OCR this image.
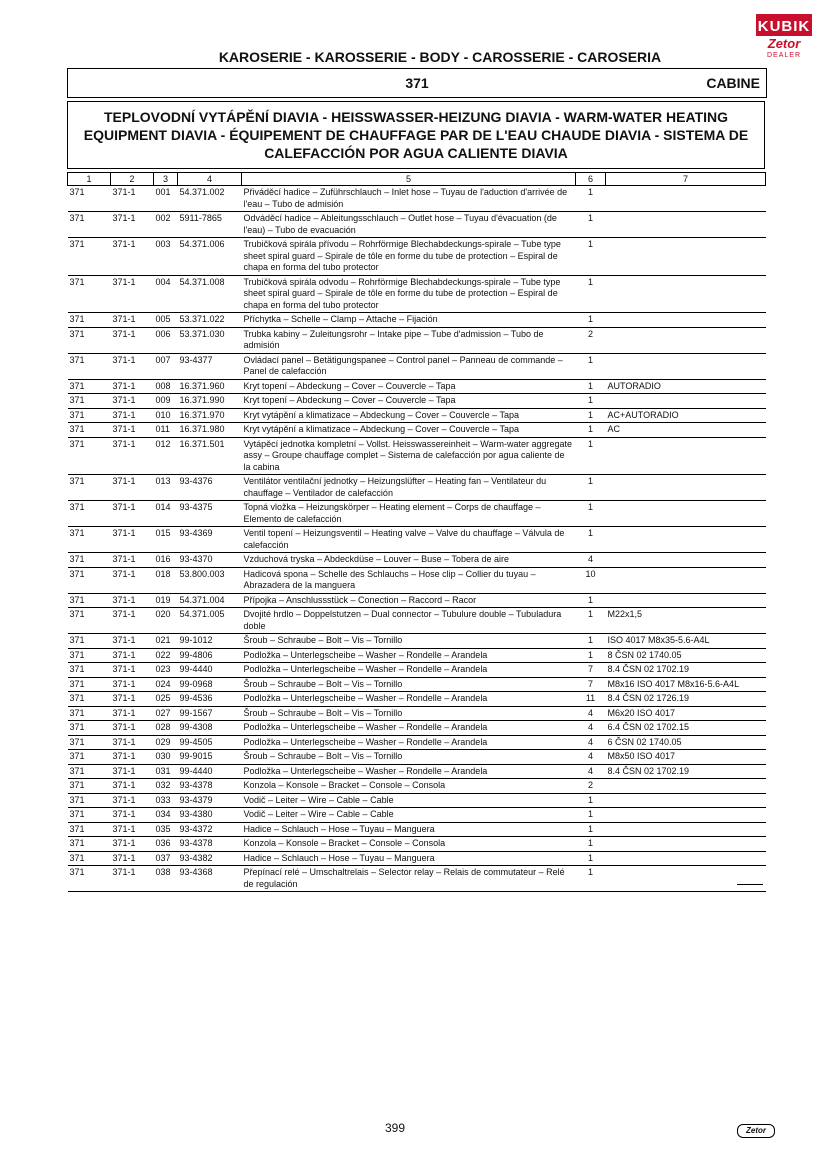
KUBIK
Zetor
DEALER
KAROSERIE - KAROSSERIE - BODY - CAROSSERIE - CAROSERIA
371	CABINE
TEPLOVODNÍ VYTÁPĚNÍ DIAVIA - HEISSWASSER-HEIZUNG DIAVIA - WARM-WATER HEATING EQUIPMENT DIAVIA - ÉQUIPEMENT DE CHAUFFAGE PAR DE L'EAU CHAUDE DIAVIA - SISTEMA DE CALEFACCIÓN POR AGUA CALIENTE DIAVIA
1	2	3	4	5	6	7
371	371-1	001	54.371.002	Přiváděcí hadice – Zuführschlauch – Inlet hose – Tuyau de l'aduction d'arrivée de l'eau – Tubo de admisión	1	
371	371-1	002	5911-7865	Odváděcí hadice – Ableitungsschlauch – Outlet hose – Tuyau d'évacuation (de l'eau) – Tubo de evacuación	1	
371	371-1	003	54.371.006	Trubičková spirála přívodu – Rohrförmige Blechabdeckungs-spirale – Tube type sheet spiral guard – Spirale de tôle en forme du tube de protection – Espiral de chapa en forma del tubo protector	1	
371	371-1	004	54.371.008	Trubičková spirála odvodu – Rohrförmige Blechabdeckungs-spirale – Tube type sheet spiral guard – Spirale de tôle en forme du tube de protection – Espiral de chapa en forma del tubo protector	1	
371	371-1	005	53.371.022	Příchytka – Schelle – Clamp – Attache – Fijación	1	
371	371-1	006	53.371.030	Trubka kabiny – Zuleitungsrohr – Intake pipe – Tube d'admission – Tubo de admisión	2	
371	371-1	007	93-4377	Ovládací panel – Betätigungspanee – Control panel – Panneau de commande – Panel de calefacción	1	
371	371-1	008	16.371.960	Kryt topení – Abdeckung – Cover – Couvercle – Tapa	1	AUTORADIO
371	371-1	009	16.371.990	Kryt topení – Abdeckung – Cover – Couvercle – Tapa	1	
371	371-1	010	16.371.970	Kryt vytápění a klimatizace – Abdeckung – Cover – Couvercle – Tapa	1	AC+AUTORADIO
371	371-1	011	16.371.980	Kryt vytápění a klimatizace – Abdeckung – Cover – Couvercle – Tapa	1	AC
371	371-1	012	16.371.501	Vytápěcí jednotka kompletní – Vollst. Heisswassereinheit – Warm-water aggregate assy – Groupe chauffage complet – Sistema de calefacción por agua caliente de la cabina	1	
371	371-1	013	93-4376	Ventilátor ventilační jednotky – Heizungslüfter – Heating fan – Ventilateur du chauffage – Ventilador de calefacción	1	
371	371-1	014	93-4375	Topná vložka – Heizungskörper – Heating element – Corps de chauffage – Elemento de calefacción	1	
371	371-1	015	93-4369	Ventil topení – Heizungsventil – Heating valve – Valve du chauffage – Válvula de calefacción	1	
371	371-1	016	93-4370	Vzduchová tryska – Abdeckdüse – Louver – Buse – Tobera de aire	4	
371	371-1	018	53.800.003	Hadicová spona – Schelle des Schlauchs – Hose clip – Collier du tuyau – Abrazadera de la manguera	10	
371	371-1	019	54.371.004	Přípojka – Anschlussstück – Conection – Raccord – Racor	1	
371	371-1	020	54.371.005	Dvojité hrdlo – Doppelstutzen – Dual connector – Tubulure double – Tubuladura doble	1	M22x1,5
371	371-1	021	99-1012	Šroub – Schraube – Bolt – Vis – Tornillo	1	ISO 4017 M8x35-5.6-A4L
371	371-1	022	99-4806	Podložka – Unterlegscheibe – Washer – Rondelle – Arandela	1	8 ČSN 02 1740.05
371	371-1	023	99-4440	Podložka – Unterlegscheibe – Washer – Rondelle – Arandela	7	8.4 ČSN 02 1702.19
371	371-1	024	99-0968	Šroub – Schraube – Bolt – Vis – Tornillo	7	M8x16 ISO 4017 M8x16-5.6-A4L
371	371-1	025	99-4536	Podložka – Unterlegscheibe – Washer – Rondelle – Arandela	11	8.4 ČSN 02 1726.19
371	371-1	027	99-1567	Šroub – Schraube – Bolt – Vis – Tornillo	4	M6x20 ISO 4017
371	371-1	028	99-4308	Podložka – Unterlegscheibe – Washer – Rondelle – Arandela	4	6.4 ČSN 02 1702.15
371	371-1	029	99-4505	Podložka – Unterlegscheibe – Washer – Rondelle – Arandela	4	6 ČSN 02 1740.05
371	371-1	030	99-9015	Šroub – Schraube – Bolt – Vis – Tornillo	4	M8x50 ISO 4017
371	371-1	031	99-4440	Podložka – Unterlegscheibe – Washer – Rondelle – Arandela	4	8.4 ČSN 02 1702.19
371	371-1	032	93-4378	Konzola – Konsole – Bracket – Console – Consola	2	
371	371-1	033	93-4379	Vodič – Leiter – Wire – Cable – Cable	1	
371	371-1	034	93-4380	Vodič – Leiter – Wire – Cable – Cable	1	
371	371-1	035	93-4372	Hadice – Schlauch – Hose – Tuyau – Manguera	1	
371	371-1	036	93-4378	Konzola – Konsole – Bracket – Console – Consola	1	
371	371-1	037	93-4382	Hadice – Schlauch – Hose – Tuyau – Manguera	1	
371	371-1	038	93-4368	Přepínací relé – Umschaltrelais – Selector relay – Relais de commutateur – Relé de regulación	1	
399	Zetor
